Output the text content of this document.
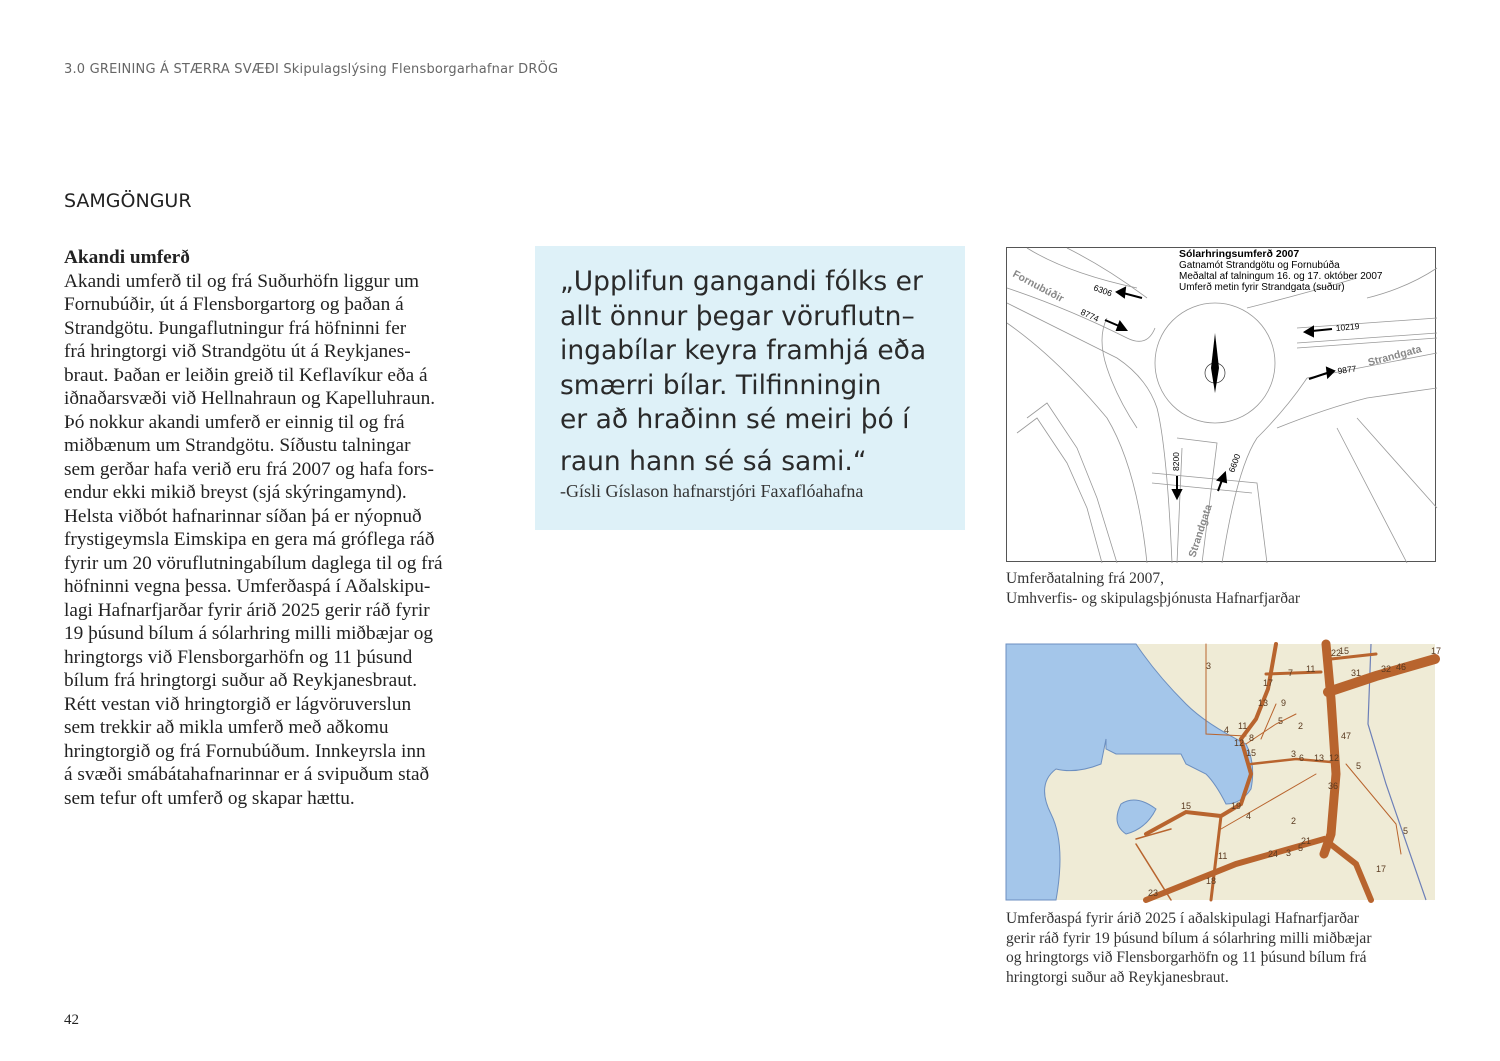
3.0 GREINING Á STÆRRA SVÆÐI Skipulagslýsing Flensborgarhafnar DRÖG
SAMGÖNGUR
Akandi umferð
Akandi umferð til og frá Suðurhöfn liggur um
Fornubúðir, út á Flensborgartorg og þaðan á
Strandgötu. Þungaflutningur frá höfninni fer
frá hringtorgi við Strandgötu út á Reykjanes-
braut. Þaðan er leiðin greið til Keflavíkur eða á
iðnaðarsvæði við Hellnahraun og Kapelluhraun.
Þó nokkur akandi umferð er einnig til og frá
miðbænum um Strandgötu. Síðustu talningar
sem gerðar hafa verið eru frá 2007 og hafa fors-
endur ekki mikið breyst (sjá skýringamynd).
Helsta viðbót hafnarinnar síðan þá er nýopnuð
frystigeymsla Eimskipa en gera má gróflega ráð
fyrir um 20 vöruflutningabílum daglega til og frá
höfninni vegna þessa. Umferðaspá í Aðalskipu-
lagi Hafnarfjarðar fyrir árið 2025 gerir ráð fyrir
19 þúsund bílum á sólarhring milli miðbæjar og
hringtorgs við Flensborgarhöfn og 11 þúsund
bílum frá hringtorgi suður að Reykjanesbraut.
Rétt vestan við hringtorgið er lágvöruverslun
sem trekkir að mikla umferð með aðkomu
hringtorgið og frá Fornubúðum. Innkeyrsla inn
á svæði smábátahafnarinnar er á svipuðum stað
sem tefur oft umferð og skapar hættu.
„Upplifun gangandi fólks er
allt önnur þegar vöruflutn–
ingabílar keyra framhjá eða
smærri bílar. Tilfinningin
er að hraðinn sé meiri þó í
raun hann sé sá sami.“
-Gísli Gíslason hafnarstjóri Faxaflóahafna
Sólarhringsumferð 2007
Gatnamót Strandgötu og Fornubúða
Meðaltal af talningum 16. og 17. október 2007
Umferð metin fyrir Strandgata (suður)
Fornubúðir
Strandgata
Strandgata
6306
8774
10219
9877
8200	6600
Umferðatalning frá 2007,
Umhverfis- og skipulagsþjónusta Hafnarfjarðar
3
17
7 11
13 9
5 2
4 11
8
12
15	3 6 13 12
47
5
36
15	19
4	2
5
11
21
24 3 5
18
23
17
22
15
31 32 46
17
Umferðaspá fyrir árið 2025 í aðalskipulagi Hafnarfjarðar
gerir ráð fyrir 19 þúsund bílum á sólarhring milli miðbæjar
og hringtorgs við Flensborgarhöfn og 11 þúsund bílum frá
hringtorgi suður að Reykjanesbraut.
42
